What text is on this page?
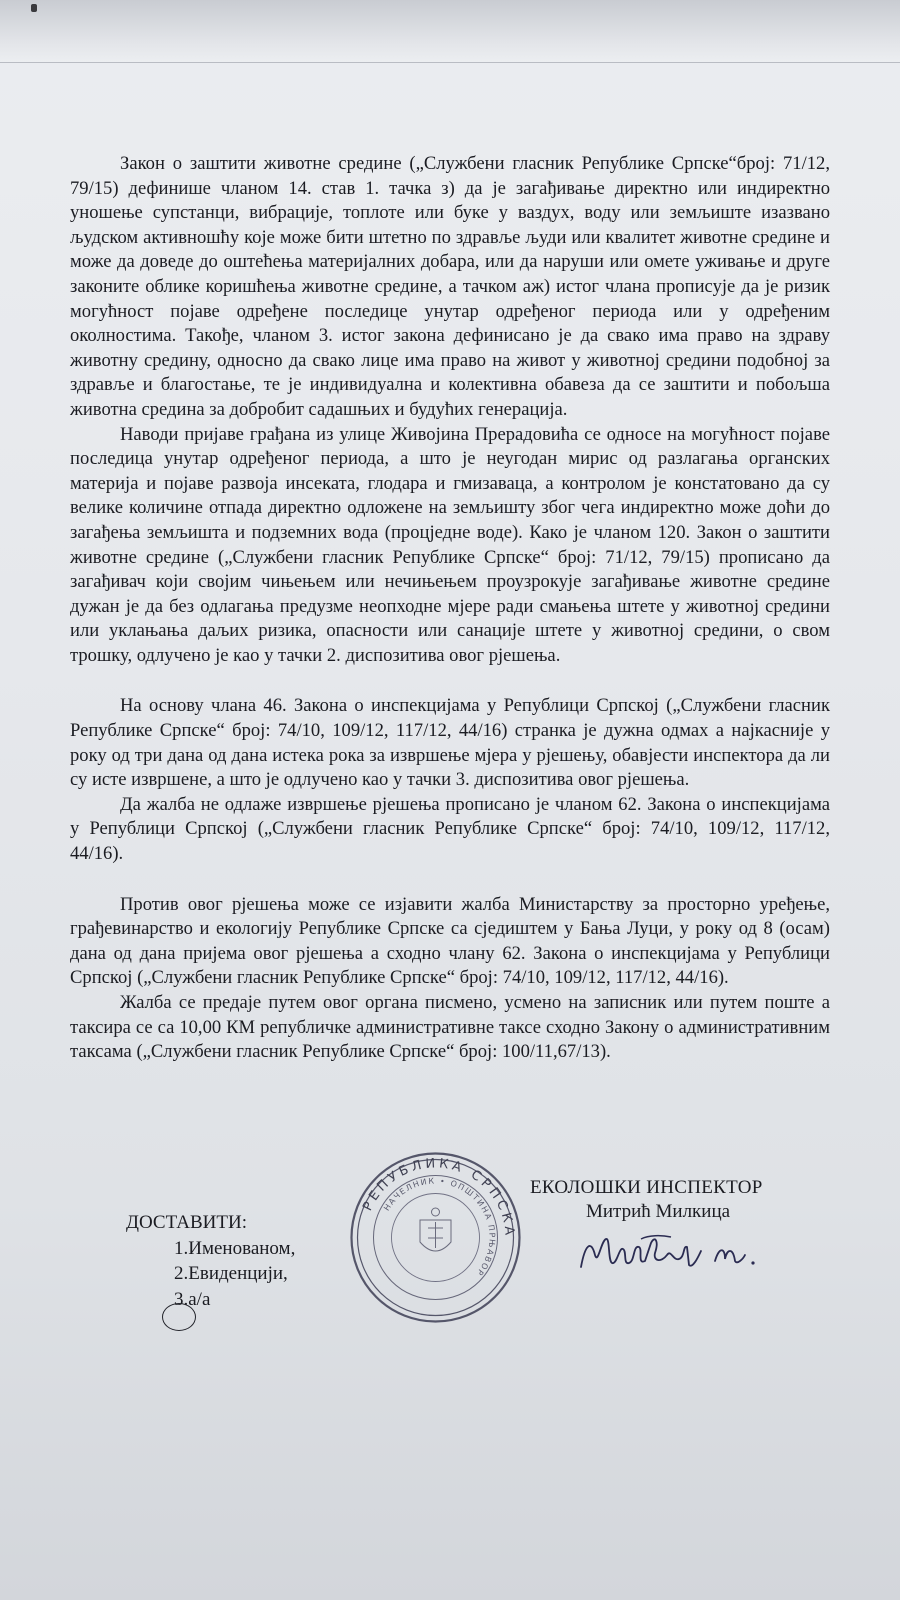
Закон о заштити животне средине („Службени гласник Републике Српске“број: 71/12, 79/15) дефинише чланом 14. став 1. тачка з) да је загађивање директно или индиректно уношење супстанци, вибрације, топлоте или буке у ваздух, воду или земљиште изазвано људском активношћу које може бити штетно по здравље људи или квалитет животне средине и може да доведе до оштећења материјалних добара, или да наруши или омете уживање и друге законите облике коришћења животне средине, а тачком аж) истог члана прописује да је ризик могућност појаве одређене последице унутар одређеног периода или у одређеним околностима. Такође, чланом 3. истог закона дефинисано је да свако има право на здраву животну средину, односно да свако лице има право на живот у животној средини подобној за здравље и благостање, те је индивидуална и колективна обавеза да се заштити и побољша животна средина за добробит садашњих и будућих генерација.

Наводи пријаве грађана из улице Живојина Прерадовића се односе на могућност појаве последица унутар одређеног периода, а што је неугодан мирис од разлагања органских материја и појаве развоја инсеката, глодара и гмизаваца, а контролом је констатовано да су велике количине отпада директно одложене на земљишту због чега индиректно може доћи до загађења земљишта и подземних вода (процједне воде). Како је чланом 120. Закон о заштити животне средине („Службени гласник Републике Српске“ број: 71/12, 79/15) прописано да загађивач који својим чињењем или нечињењем проузрокује загађивање животне средине дужан је да без одлагања предузме неопходне мјере ради смањења штете у животној средини или уклањања даљих ризика, опасности или санације штете у животној средини, о свом трошку, одлучено је као у тачки 2. диспозитива овог рјешења.

На основу члана 46. Закона о инспекцијама у Републици Српској („Службени гласник Републике Српске“ број: 74/10, 109/12, 117/12, 44/16) странка је дужна одмах а најкасније у року од три дана од дана истека рока за извршење мјера у рјешењу, обавјести инспектора да ли су исте извршене, а што је одлучено као у тачки 3. диспозитива овог рјешења.

Да жалба не одлаже извршење рјешења прописано је чланом 62. Закона о инспекцијама у Републици Српској („Службени гласник Републике Српске“ број: 74/10, 109/12, 117/12, 44/16).

Против овог рјешења може се изјавити жалба Министарству за просторно уређење, грађевинарство и екологију Републике Српске са сједиштем у Бања Луци, у року од 8 (осам) дана од дана пријема овог рјешења а сходно члану 62. Закона о инспекцијама у Републици Српској („Службени гласник Републике Српске“ број: 74/10, 109/12, 117/12, 44/16).

Жалба се предаје путем овог органа писмено, усмено на записник или путем поште а таксира се са 10,00 КМ републичке административне таксе сходно Закону о административним таксама („Службени гласник Републике Српске“ број: 100/11,67/13).

РЕПУБЛИКА СРПСКА
НАЧЕЛНИК • ОПШТИНА ПРЊАВОР
ЕКОЛОШКИ ИНСПЕКТОР
Митрић Милкица
ДОСТАВИТИ:
1.Именованом,
2.Евиденцији,
3.а/а
